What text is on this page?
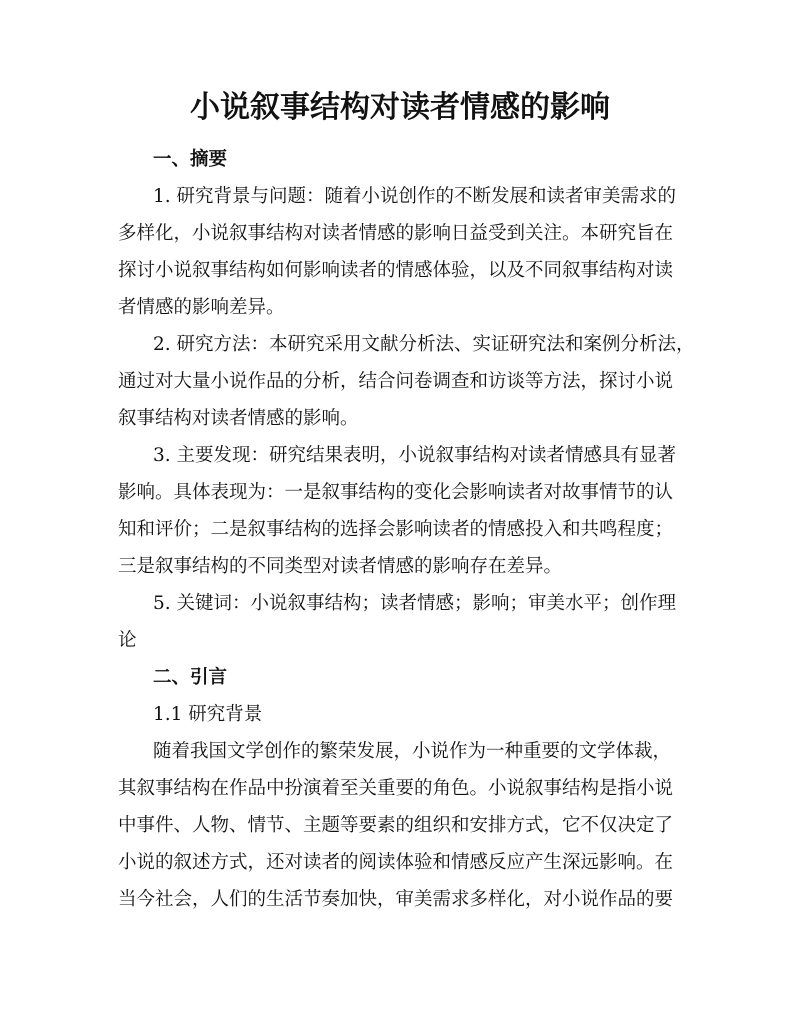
小说叙事结构对读者情感的影响

一、摘要

1. 研究背景与问题：随着小说创作的不断发展和读者审美需求的

多样化，小说叙事结构对读者情感的影响日益受到关注。本研究旨在

探讨小说叙事结构如何影响读者的情感体验，以及不同叙事结构对读

者情感的影响差异。

2. 研究方法：本研究采用文献分析法、实证研究法和案例分析法，

通过对大量小说作品的分析，结合问卷调查和访谈等方法，探讨小说

叙事结构对读者情感的影响。

3. 主要发现：研究结果表明，小说叙事结构对读者情感具有显著

影响。具体表现为：一是叙事结构的变化会影响读者对故事情节的认

知和评价；二是叙事结构的选择会影响读者的情感投入和共鸣程度；

三是叙事结构的不同类型对读者情感的影响存在差异。

5. 关键词：小说叙事结构；读者情感；影响；审美水平；创作理

论

二、引言

1.1 研究背景

随着我国文学创作的繁荣发展，小说作为一种重要的文学体裁，

其叙事结构在作品中扮演着至关重要的角色。小说叙事结构是指小说

中事件、人物、情节、主题等要素的组织和安排方式，它不仅决定了

小说的叙述方式，还对读者的阅读体验和情感反应产生深远影响。在

当今社会，人们的生活节奏加快，审美需求多样化，对小说作品的要
